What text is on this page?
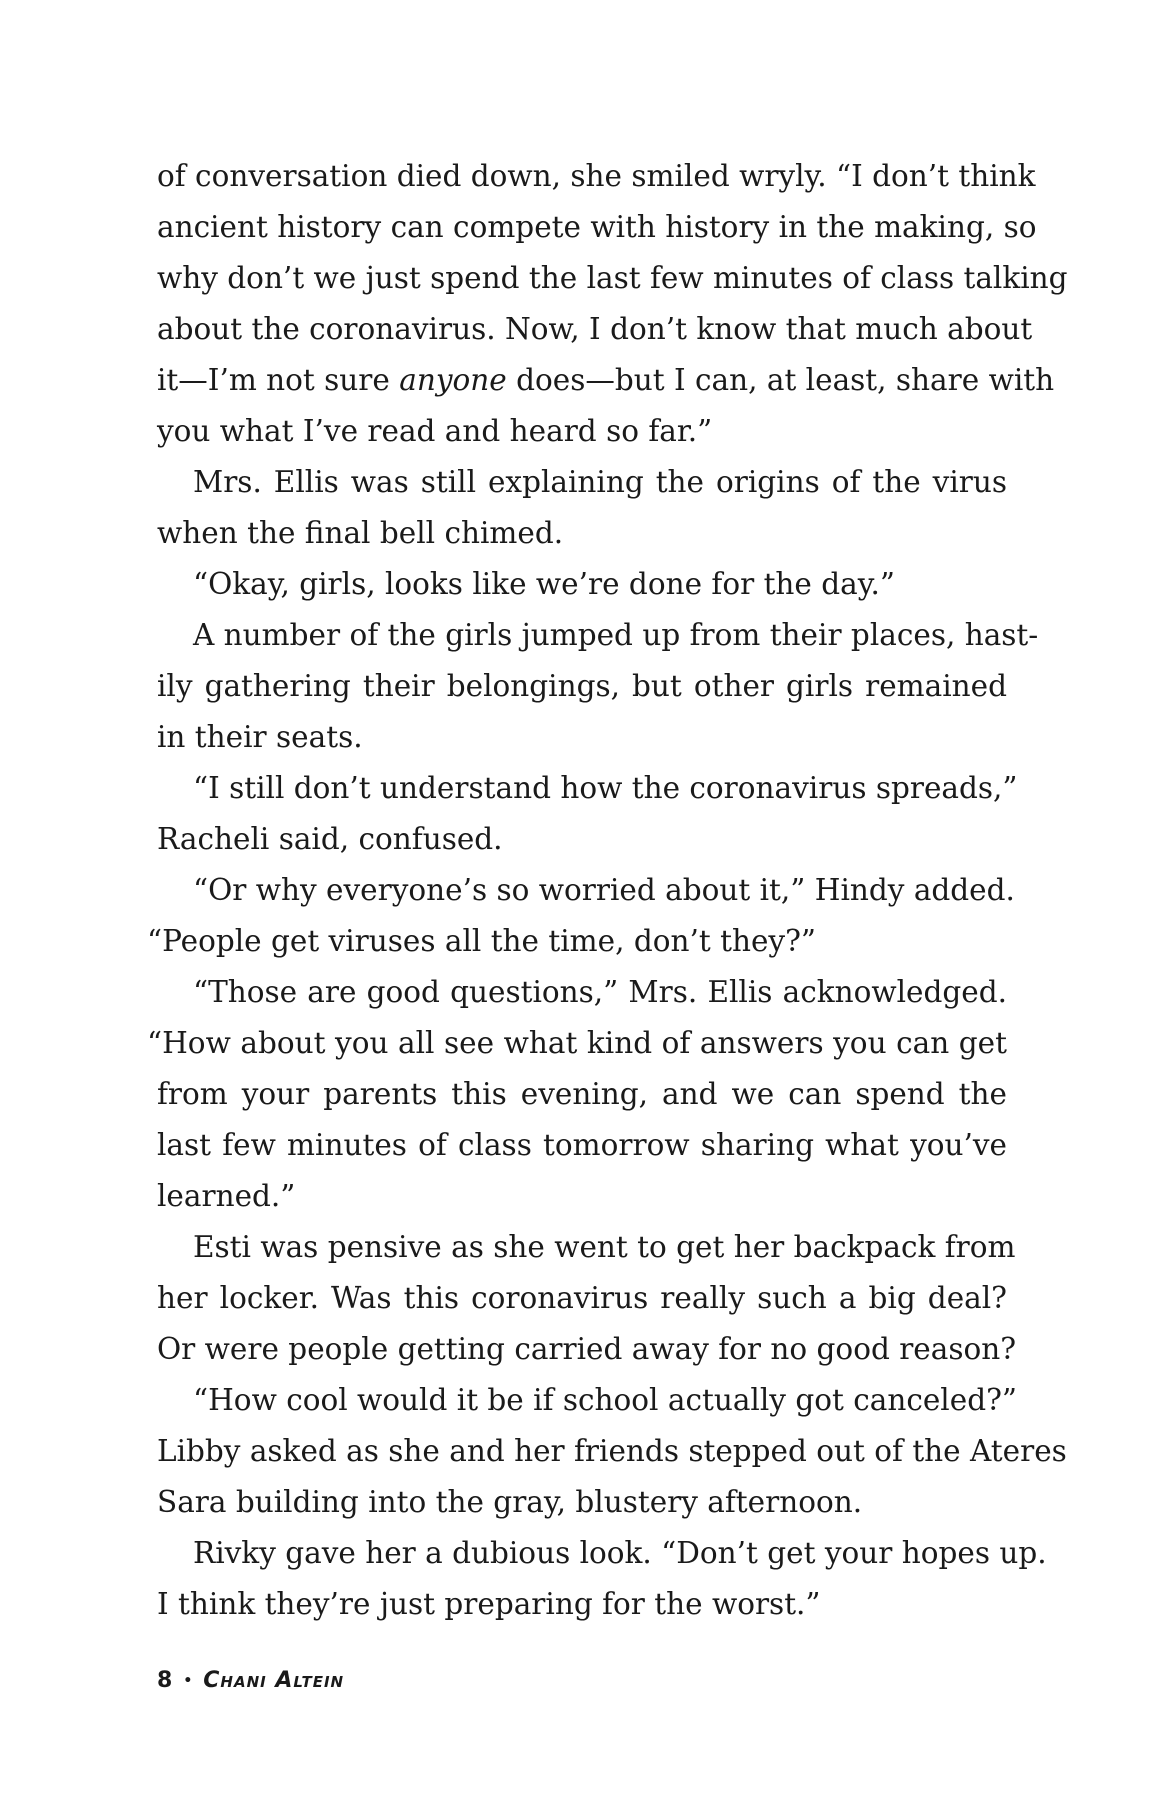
of conversation died down, she smiled wryly. “I don’t think
ancient history can compete with history in the making, so
why don’t we just spend the last few minutes of class talking
about the coronavirus. Now, I don’t know that much about
it—I’m not sure anyone does—but I can, at least, share with
you what I’ve read and heard so far.”
Mrs. Ellis was still explaining the origins of the virus
when the final bell chimed.
“Okay, girls, looks like we’re done for the day.”
A number of the girls jumped up from their places, hast-
ily gathering their belongings, but other girls remained
in their seats.
“I still don’t understand how the coronavirus spreads,”
Racheli said, confused.
“Or why everyone’s so worried about it,” Hindy added.
“People get viruses all the time, don’t they?”
“Those are good questions,” Mrs. Ellis acknowledged.
“How about you all see what kind of answers you can get
from your parents this evening, and we can spend the
last few minutes of class tomorrow sharing what you’ve
learned.”
Esti was pensive as she went to get her backpack from
her locker. Was this coronavirus really such a big deal?
Or were people getting carried away for no good reason?
“How cool would it be if school actually got canceled?”
Libby asked as she and her friends stepped out of the Ateres
Sara building into the gray, blustery afternoon.
Rivky gave her a dubious look. “Don’t get your hopes up.
I think they’re just preparing for the worst.”
8 • Chani Altein
